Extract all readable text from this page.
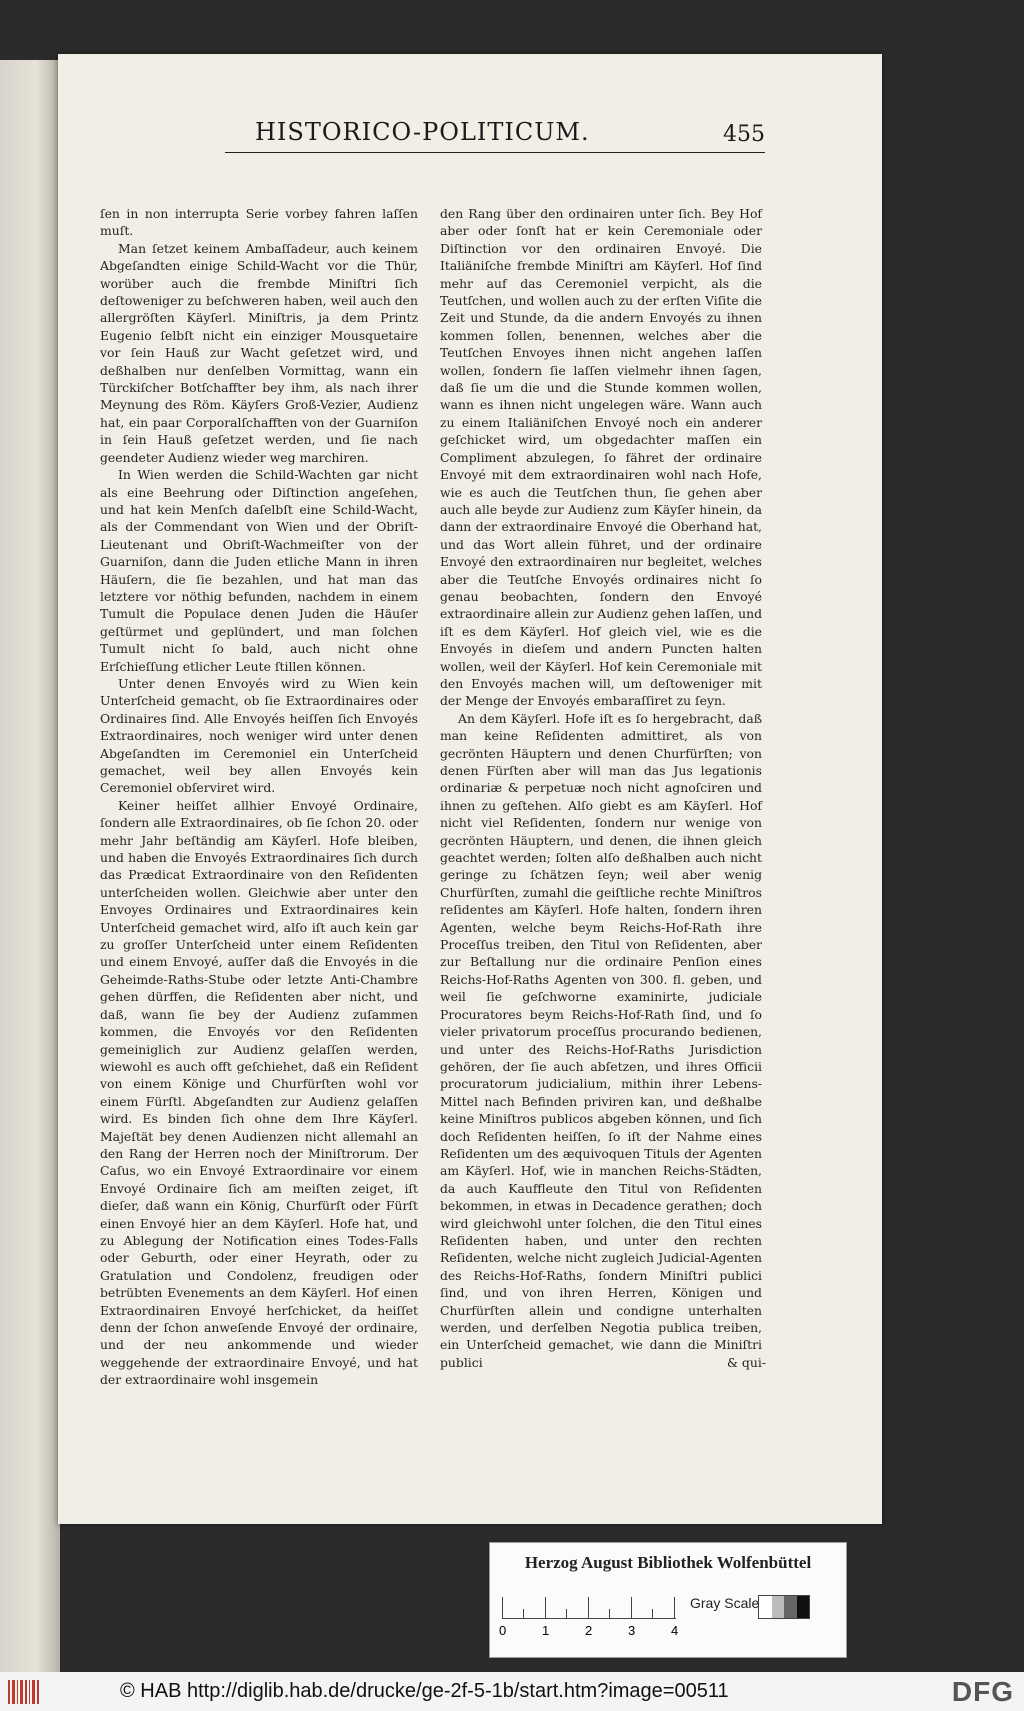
HISTORICO-POLITICUM.	455

ſen in non interrupta Serie vorbey fahren laſſen muſt.

Man ſetzet keinem Ambaſſadeur, auch keinem Abgeſandten einige Schild-Wacht vor die Thür, worüber auch die frembde Miniſtri ſich deſtoweniger zu beſchweren haben, weil auch den allergröſten Käyſerl. Miniſtris, ja dem Printz Eugenio ſelbſt nicht ein einziger Mousquetaire vor ſein Hauß zur Wacht geſetzet wird, und deßhalben nur denſelben Vormittag, wann ein Türckiſcher Botſchaffter bey ihm, als nach ihrer Meynung des Röm. Käyſers Groß-Vezier, Audienz hat, ein paar Corporalſchafften von der Guarniſon in ſein Hauß geſetzet werden, und ſie nach geendeter Audienz wieder weg marchiren.

In Wien werden die Schild-Wachten gar nicht als eine Beehrung oder Diſtinction angeſehen, und hat kein Menſch daſelbſt eine Schild-Wacht, als der Commendant von Wien und der Obriſt-Lieutenant und Obriſt-Wachmeiſter von der Guarniſon, dann die Juden etliche Mann in ihren Häuſern, die ſie bezahlen, und hat man das letztere vor nöthig befunden, nachdem in einem Tumult die Populace denen Juden die Häuſer geſtürmet und geplündert, und man ſolchen Tumult nicht ſo bald, auch nicht ohne Erſchieſſung etlicher Leute ſtillen können.

Unter denen Envoyés wird zu Wien kein Unterſcheid gemacht, ob ſie Extraordinaires oder Ordinaires ſind. Alle Envoyés heiſſen ſich Envoyés Extraordinaires, noch weniger wird unter denen Abgeſandten im Ceremoniel ein Unterſcheid gemachet, weil bey allen Envoyés kein Ceremoniel obſerviret wird.

Keiner heiſſet allhier Envoyé Ordinaire, ſondern alle Extraordinaires, ob ſie ſchon 20. oder mehr Jahr beſtändig am Käyſerl. Hofe bleiben, und haben die Envoyés Extraordinaires ſich durch das Prædicat Extraordinaire von den Reſidenten unterſcheiden wollen. Gleichwie aber unter den Envoyes Ordinaires und Extraordinaires kein Unterſcheid gemachet wird, alſo iſt auch kein gar zu groſſer Unterſcheid unter einem Reſidenten und einem Envoyé, auſſer daß die Envoyés in die Geheimde-Raths-Stube oder letzte Anti-Chambre gehen dürffen, die Reſidenten aber nicht, und daß, wann ſie bey der Audienz zuſammen kommen, die Envoyés vor den Reſidenten gemeiniglich zur Audienz gelaſſen werden, wiewohl es auch offt geſchiehet, daß ein Reſident von einem Könige und Churfürſten wohl vor einem Fürſtl. Abgeſandten zur Audienz gelaſſen wird. Es binden ſich ohne dem Ihre Käyſerl. Majeſtät bey denen Audienzen nicht allemahl an den Rang der Herren noch der Miniſtrorum. Der Caſus, wo ein Envoyé Extraordinaire vor einem Envoyé Ordinaire ſich am meiſten zeiget, iſt dieſer, daß wann ein König, Churfürſt oder Fürſt einen Envoyé hier an dem Käyſerl. Hofe hat, und zu Ablegung der Notification eines Todes-Falls oder Geburth, oder einer Heyrath, oder zu Gratulation und Condolenz, freudigen oder betrübten Evenements an dem Käyſerl. Hof einen Extraordinairen Envoyé herſchicket, da heiſſet denn der ſchon anweſende Envoyé der ordinaire, und der neu ankommende und wieder weggehende der extraordinaire Envoyé, und hat der extraordinaire wohl insgemein

den Rang über den ordinairen unter ſich. Bey Hof aber oder ſonſt hat er kein Ceremoniale oder Diſtinction vor den ordinairen Envoyé. Die Italiäniſche frembde Miniſtri am Käyſerl. Hof ſind mehr auf das Ceremoniel verpicht, als die Teutſchen, und wollen auch zu der erſten Viſite die Zeit und Stunde, da die andern Envoyés zu ihnen kommen ſollen, benennen, welches aber die Teutſchen Envoyes ihnen nicht angehen laſſen wollen, ſondern ſie laſſen vielmehr ihnen ſagen, daß ſie um die und die Stunde kommen wollen, wann es ihnen nicht ungelegen wäre. Wann auch zu einem Italiäniſchen Envoyé noch ein anderer geſchicket wird, um obgedachter maſſen ein Compliment abzulegen, ſo fähret der ordinaire Envoyé mit dem extraordinairen wohl nach Hofe, wie es auch die Teutſchen thun, ſie gehen aber auch alle beyde zur Audienz zum Käyſer hinein, da dann der extraordinaire Envoyé die Oberhand hat, und das Wort allein führet, und der ordinaire Envoyé den extraordinairen nur begleitet, welches aber die Teutſche Envoyés ordinaires nicht ſo genau beobachten, ſondern den Envoyé extraordinaire allein zur Audienz gehen laſſen, und iſt es dem Käyſerl. Hof gleich viel, wie es die Envoyés in dieſem und andern Puncten halten wollen, weil der Käyſerl. Hof kein Ceremoniale mit den Envoyés machen will, um deſtoweniger mit der Menge der Envoyés embaraſſiret zu ſeyn.

An dem Käyſerl. Hofe iſt es ſo hergebracht, daß man keine Reſidenten admittiret, als von gecrönten Häuptern und denen Churfürſten; von denen Fürſten aber will man das Jus legationis ordinariæ & perpetuæ noch nicht agnoſciren und ihnen zu geſtehen. Alſo giebt es am Käyſerl. Hof nicht viel Reſidenten, ſondern nur wenige von gecrönten Häuptern, und denen, die ihnen gleich geachtet werden; ſolten alſo deßhalben auch nicht geringe zu ſchätzen ſeyn; weil aber wenig Churfürſten, zumahl die geiſtliche rechte Miniſtros reſidentes am Käyſerl. Hofe halten, ſondern ihren Agenten, welche beym Reichs-Hof-Rath ihre Proceſſus treiben, den Titul von Reſidenten, aber zur Beſtallung nur die ordinaire Penſion eines Reichs-Hof-Raths Agenten von 300. fl. geben, und weil ſie geſchworne examinirte, judiciale Procuratores beym Reichs-Hof-Rath ſind, und ſo vieler privatorum proceſſus procurando bedienen, und unter des Reichs-Hof-Raths Jurisdiction gehören, der ſie auch abſetzen, und ihres Officii procuratorum judicialium, mithin ihrer Lebens-Mittel nach Befinden priviren kan, und deßhalbe keine Miniſtros publicos abgeben können, und ſich doch Reſidenten heiſſen, ſo iſt der Nahme eines Reſidenten um des æquivoquen Tituls der Agenten am Käyſerl. Hof, wie in manchen Reichs-Städten, da auch Kauffleute den Titul von Reſidenten bekommen, in etwas in Decadence gerathen; doch wird gleichwohl unter ſolchen, die den Titul eines Reſidenten haben, und unter den rechten Reſidenten, welche nicht zugleich Judicial-Agenten des Reichs-Hof-Raths, ſondern Miniſtri publici ſind, und von ihren Herren, Königen und Churfürſten allein und condigne unterhalten werden, und derſelben Negotia publica treiben, ein Unterſcheid gemachet, wie dann die Miniſtri publici	& qui-
Herzog August Bibliothek Wolfenbüttel
0	1	2	3	4
Gray Scale
© HAB http://diglib.hab.de/drucke/ge-2f-5-1b/start.htm?image=00511	DFG
